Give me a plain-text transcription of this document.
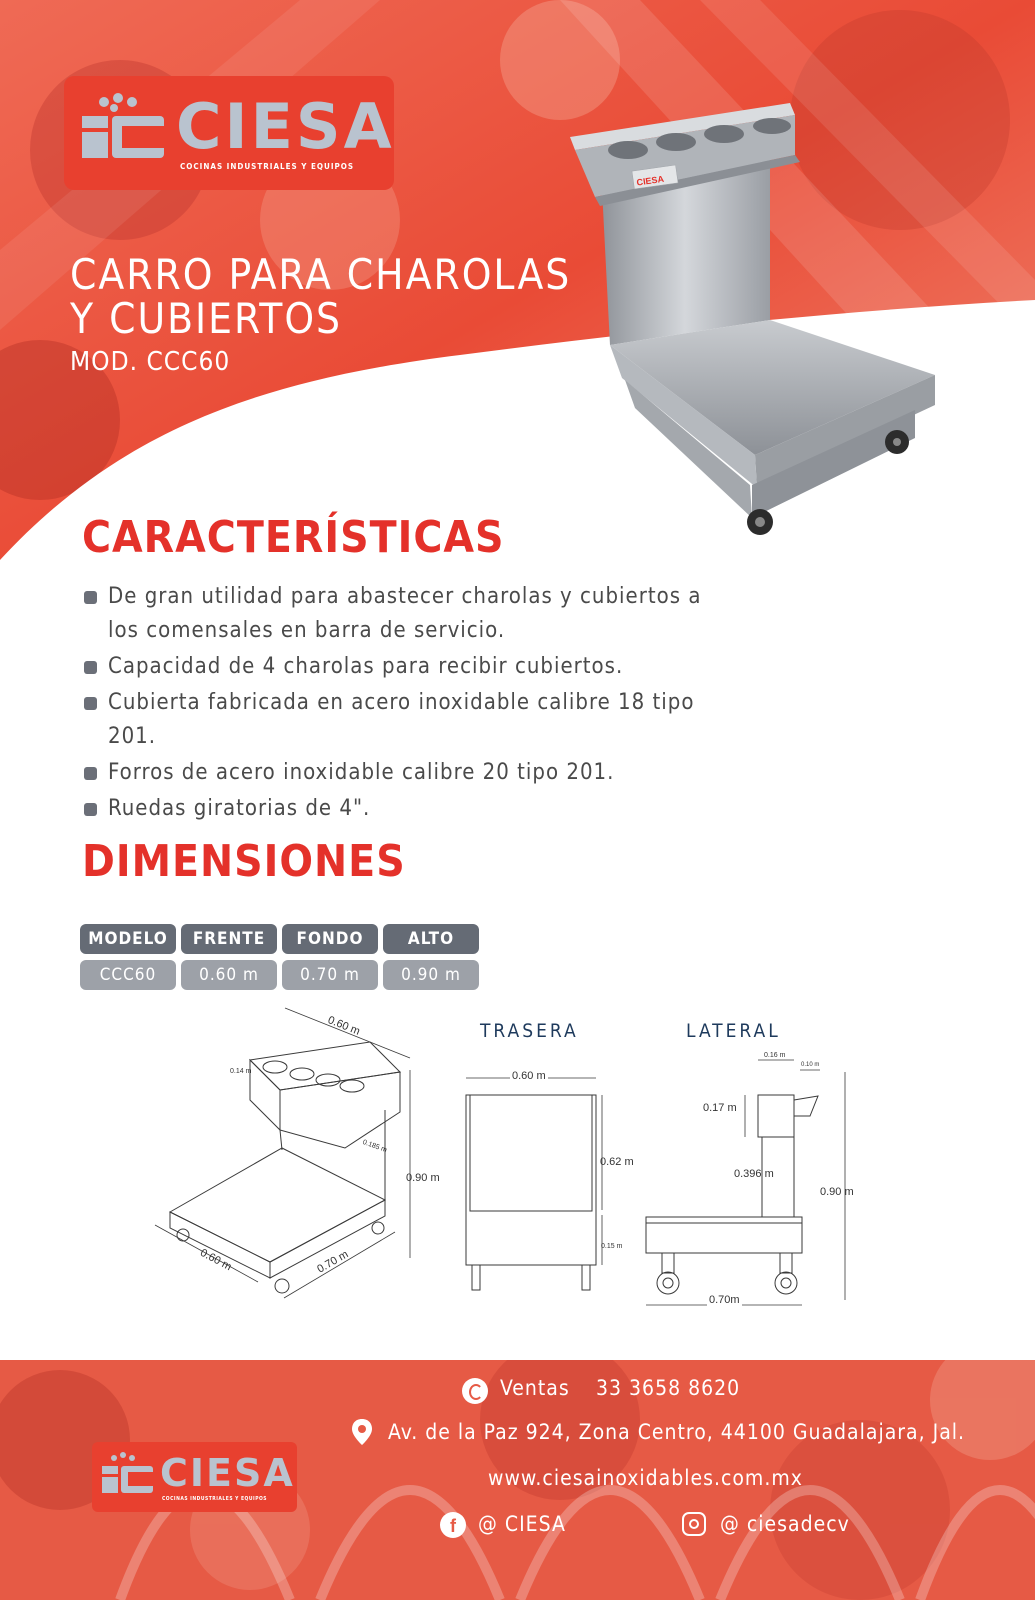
CIESA
CIESA
COCINAS INDUSTRIALES Y EQUIPOS
CARRO PARA CHAROLAS
Y CUBIERTOS
MOD. CCC60
CARACTERÍSTICAS
De gran utilidad para abastecer charolas y cubiertos a los comensales en barra de servicio.
Capacidad de 4 charolas para recibir cubiertos.
Cubierta fabricada en acero inoxidable calibre 18 tipo 201.
Forros de acero inoxidable calibre 20 tipo 201.
Ruedas giratorias de 4".
DIMENSIONES
MODELO	FRENTE	FONDO	ALTO
CCC60	0.60 m	0.70 m	0.90 m
TRASERA	LATERAL
0.60 m
0.14 m
0.185 m
0.90 m
0.60 m	0.70 m
0.60 m
0.62 m
0.15 m
0.16 m
0.10 m
0.17 m
0.396 m
0.90 m
0.70m
CIESA
COCINAS INDUSTRIALES Y EQUIPOS
Ventas 33 3658 8620
Av. de la Paz 924, Zona Centro, 44100 Guadalajara, Jal.
www.ciesainoxidables.com.mx
f	@ CIESA	@ ciesadecv
